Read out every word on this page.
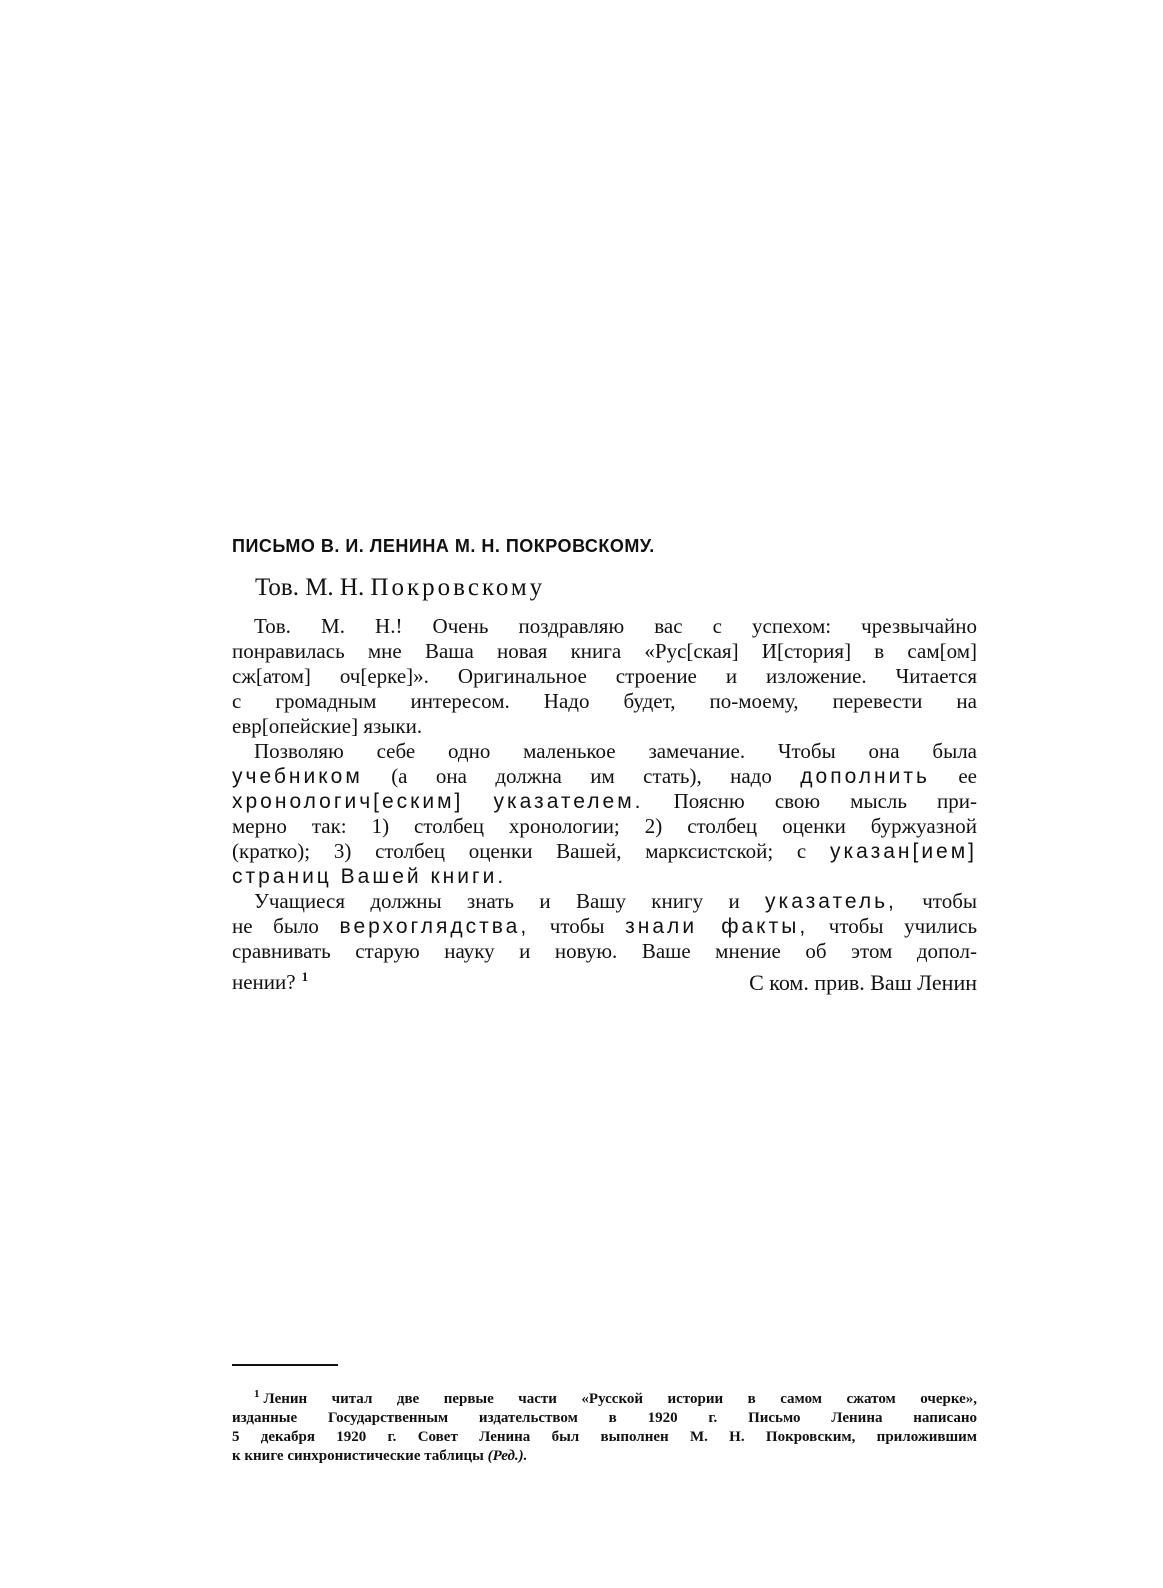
ПИСЬМО В. И. ЛЕНИНА М. Н. ПОКРОВСКОМУ.
Тов. М. Н. Покровскому
Тов. М. Н.! Очень поздравляю вас с успехом: чрезвычайно
понравилась мне Ваша новая книга «Рус[ская] И[стория] в сам[ом]
сж[атом] оч[ерке]». Оригинальное строение и изложение. Читается
с громадным интересом. Надо будет, по-моему, перевести на
евр[опейские] языки.
Позволяю себе одно маленькое замечание. Чтобы она была
учебником (а она должна им стать), надо дополнить ее
хронологич[еским] указателем. Поясню свою мысль при-
мерно так: 1) столбец хронологии; 2) столбец оценки буржуазной
(кратко); 3) столбец оценки Вашей, марксистской; с указан[ием]
страниц Вашей книги.
Учащиеся должны знать и Вашу книгу и указатель, чтобы
не было верхоглядства, чтобы знали факты, чтобы учились
сравнивать старую науку и новую. Ваше мнение об этом допол-
нении? $^1$	С ком. прив. Ваш Ленин
$^1$ Ленин читал две первые части «Русской истории в самом сжатом очерке»,
изданные Государственным издательством в 1920 г. Письмо Ленина написано
5 декабря 1920 г. Совет Ленина был выполнен М. Н. Покровским, приложившим
к книге синхронистические таблицы (Ред.).
